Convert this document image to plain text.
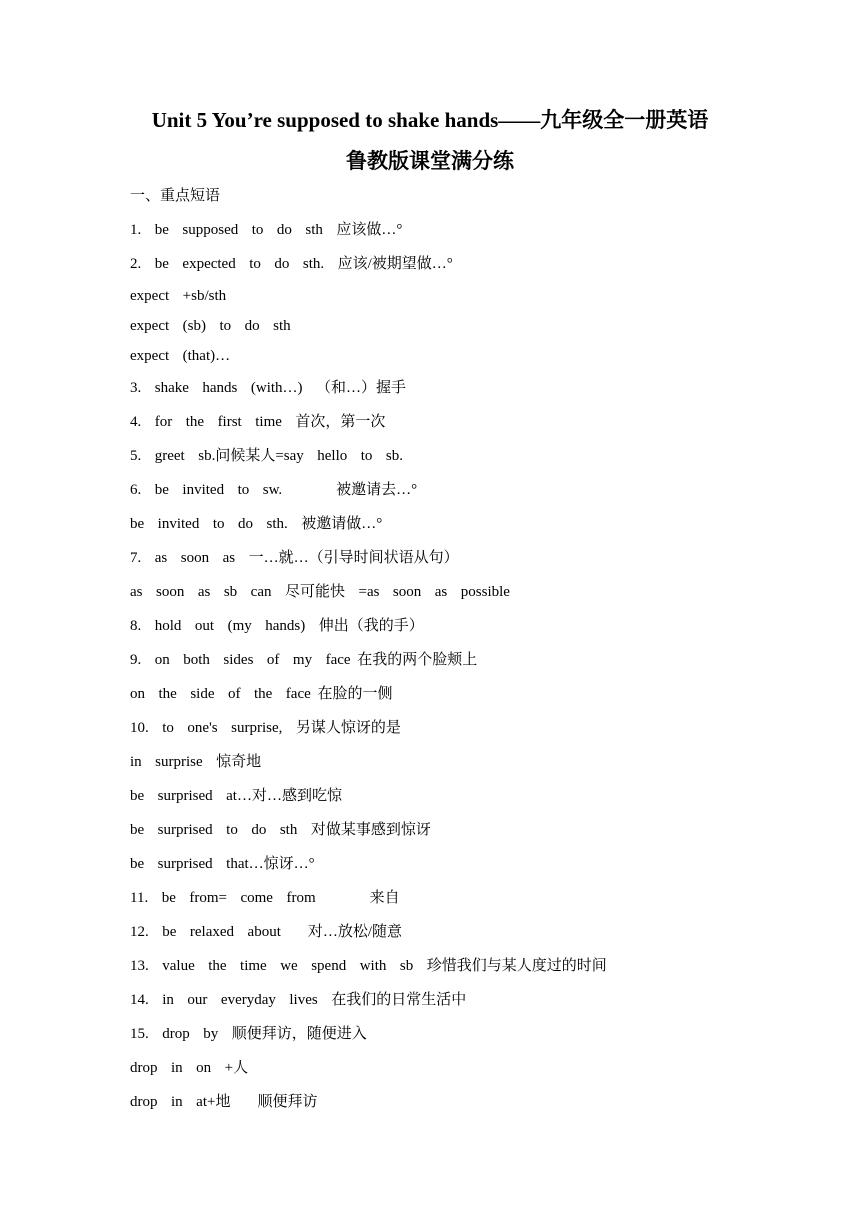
Unit 5 You’re supposed to shake hands——九年级全一册英语
鲁教版课堂满分练
一、重点短语
1.  be  supposed  to  do  sth  应该做…°
2.  be  expected  to  do  sth.  应该/被期望做…°
expect  +sb/sth
expect  (sb)  to  do  sth
expect  (that)…
3.  shake  hands  (with…)  （和…）握手
4.  for  the  first  time  首次，第一次
5.  greet  sb.问候某人=say  hello  to  sb.
6.  be  invited  to  sw.        被邀请去…°
be  invited  to  do  sth.  被邀请做…°
7.  as  soon  as  一…就…（引导时间状语从句）
as  soon  as  sb  can  尽可能快  =as  soon  as  possible
8.  hold  out  (my  hands)  伸出（我的手）
9.  on  both  sides  of  my  face 在我的两个脸颊上
on  the  side  of  the  face 在脸的一侧
10.  to  one's  surprise,  另谋人惊讶的是
in  surprise  惊奇地
be  surprised  at…对…感到吃惊
be  surprised  to  do  sth  对做某事感到惊讶
be  surprised  that…惊讶…°
11.  be  from=  come  from        来自
12.  be  relaxed  about    对…放松/随意
13.  value  the  time  we  spend  with  sb  珍惜我们与某人度过的时间
14.  in  our  everyday  lives  在我们的日常生活中
15.  drop  by  顺便拜访，随便进入
drop  in  on  +人
drop  in  at+地    顺便拜访
